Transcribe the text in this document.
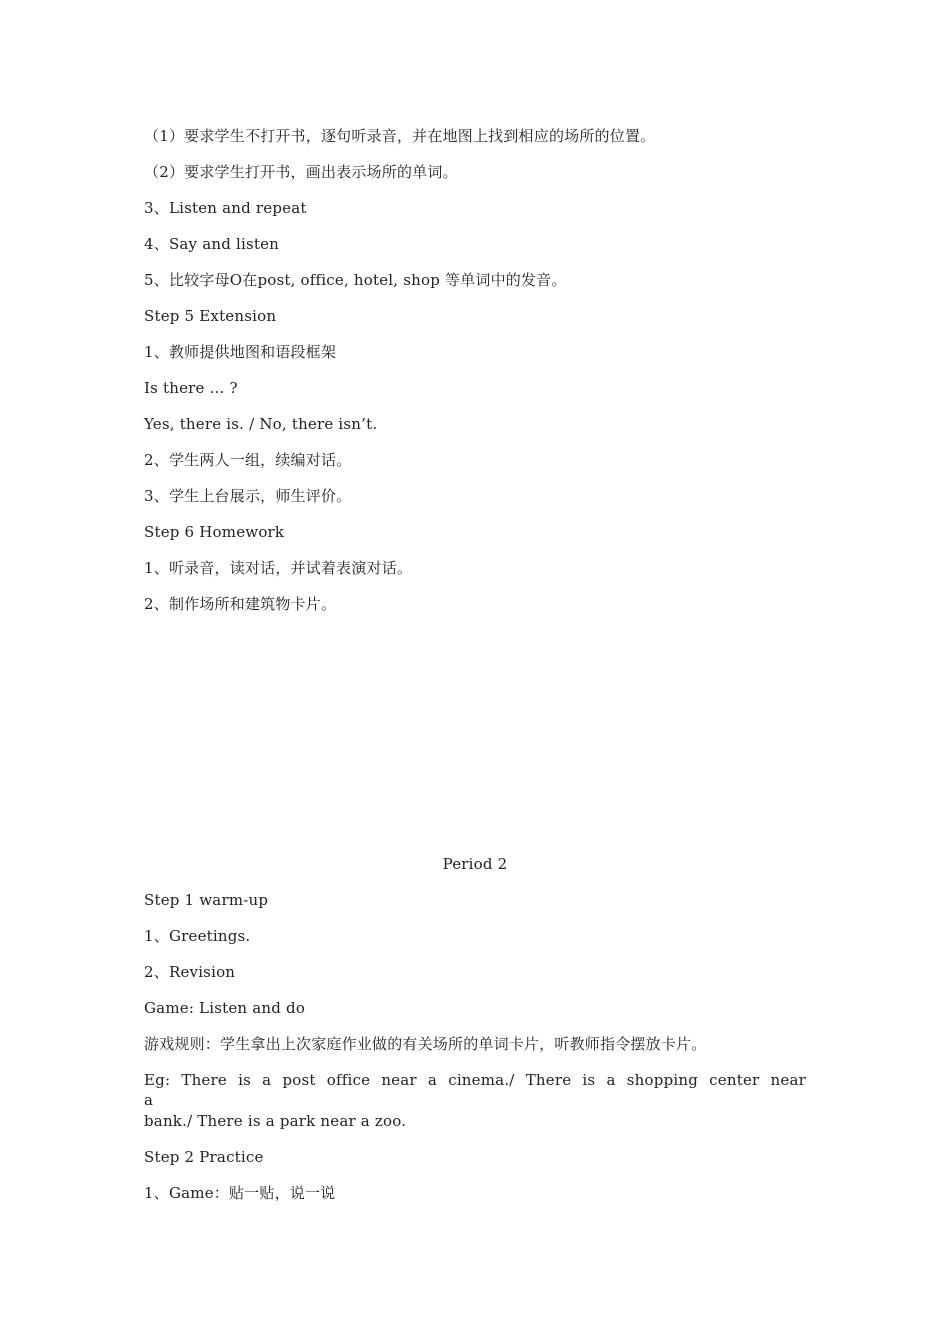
（1）要求学生不打开书，逐句听录音，并在地图上找到相应的场所的位置。
（2）要求学生打开书，画出表示场所的单词。
3、Listen and repeat
4、Say and listen
5、比较字母O在post, office, hotel, shop 等单词中的发音。
Step 5 Extension
1、教师提供地图和语段框架
Is there ... ?
Yes, there is. / No, there isn’t.
2、学生两人一组，续编对话。
3、学生上台展示，师生评价。
Step 6 Homework
1、听录音，读对话，并试着表演对话。
2、制作场所和建筑物卡片。
Period 2
Step 1 warm-up
1、Greetings.
2、Revision
Game: Listen and do
游戏规则：学生拿出上次家庭作业做的有关场所的单词卡片，听教师指令摆放卡片。
Eg: There is a post office near a cinema./ There is a shopping center near a
bank./ There is a park near a zoo.
Step 2 Practice
1、Game：贴一贴，说一说
